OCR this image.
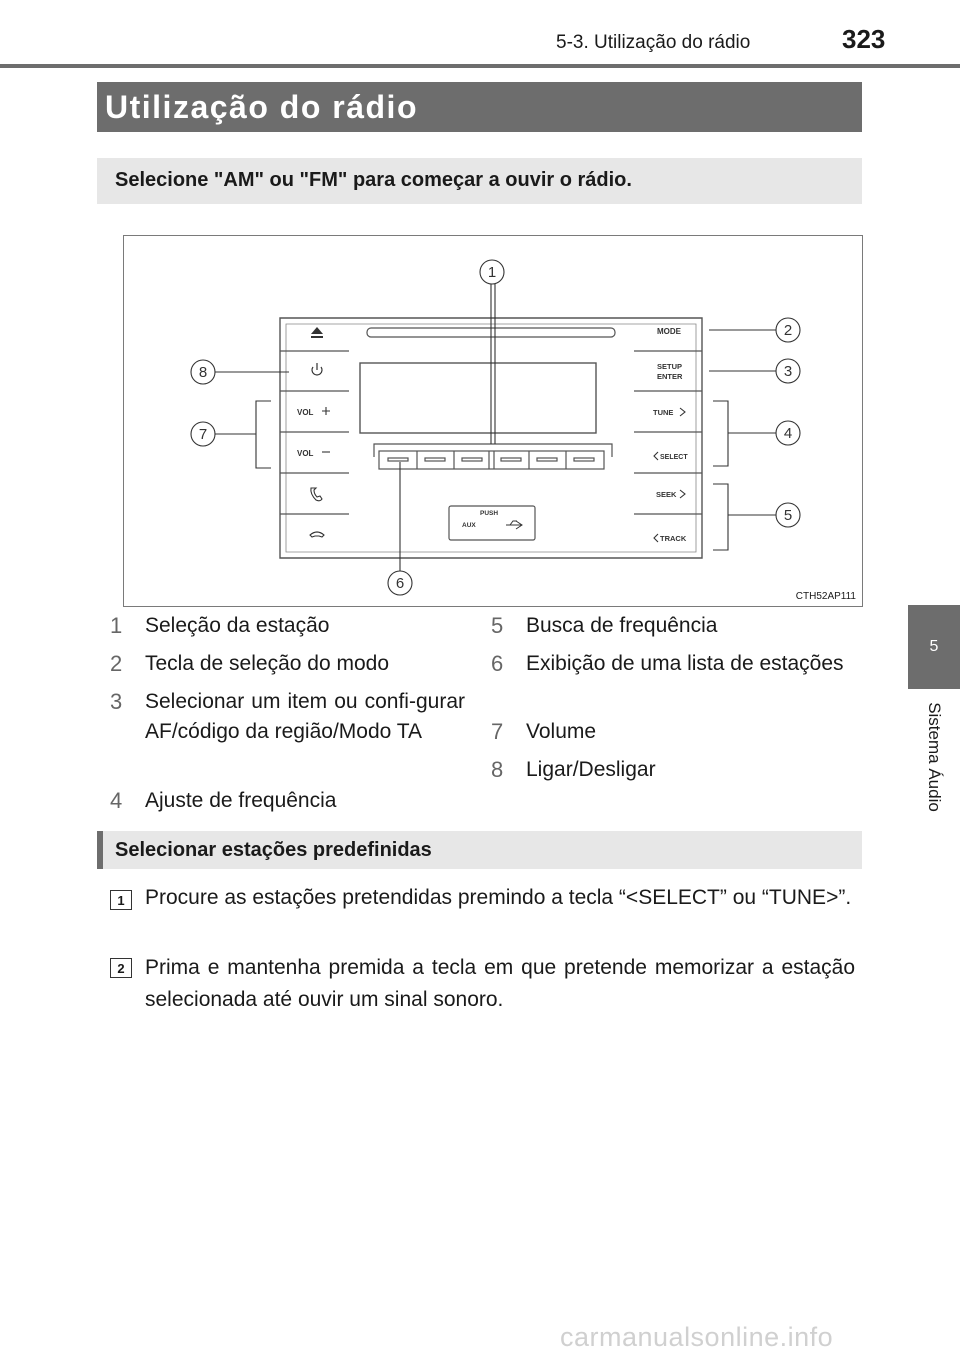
5-3. Utilização do rádio	323
5
Sistema Áudio
Utilização do rádio
Selecione "AM" ou "FM" para começar a ouvir o rádio.
PUSH
AUX
VOL
VOL
MODE
SETUP
ENTER
TUNE
SELECT
SEEK
TRACK
1
2
3
4
5
6
7
8
CTH52AP111
1 Seleção da estação
2 Tecla de seleção do modo
3 Selecionar um item ou confi-gurar AF/código da região/Modo TA
4 Ajuste de frequência
5 Busca de frequência
6 Exibição de uma lista de estações
7 Volume
8 Ligar/Desligar
Selecionar estações predefinidas
1 Procure as estações pretendidas premindo a tecla “<SELECT” ou “TUNE>”.
2 Prima e mantenha premida a tecla em que pretende memorizar a estação selecionada até ouvir um sinal sonoro.
carmanualsonline.info
